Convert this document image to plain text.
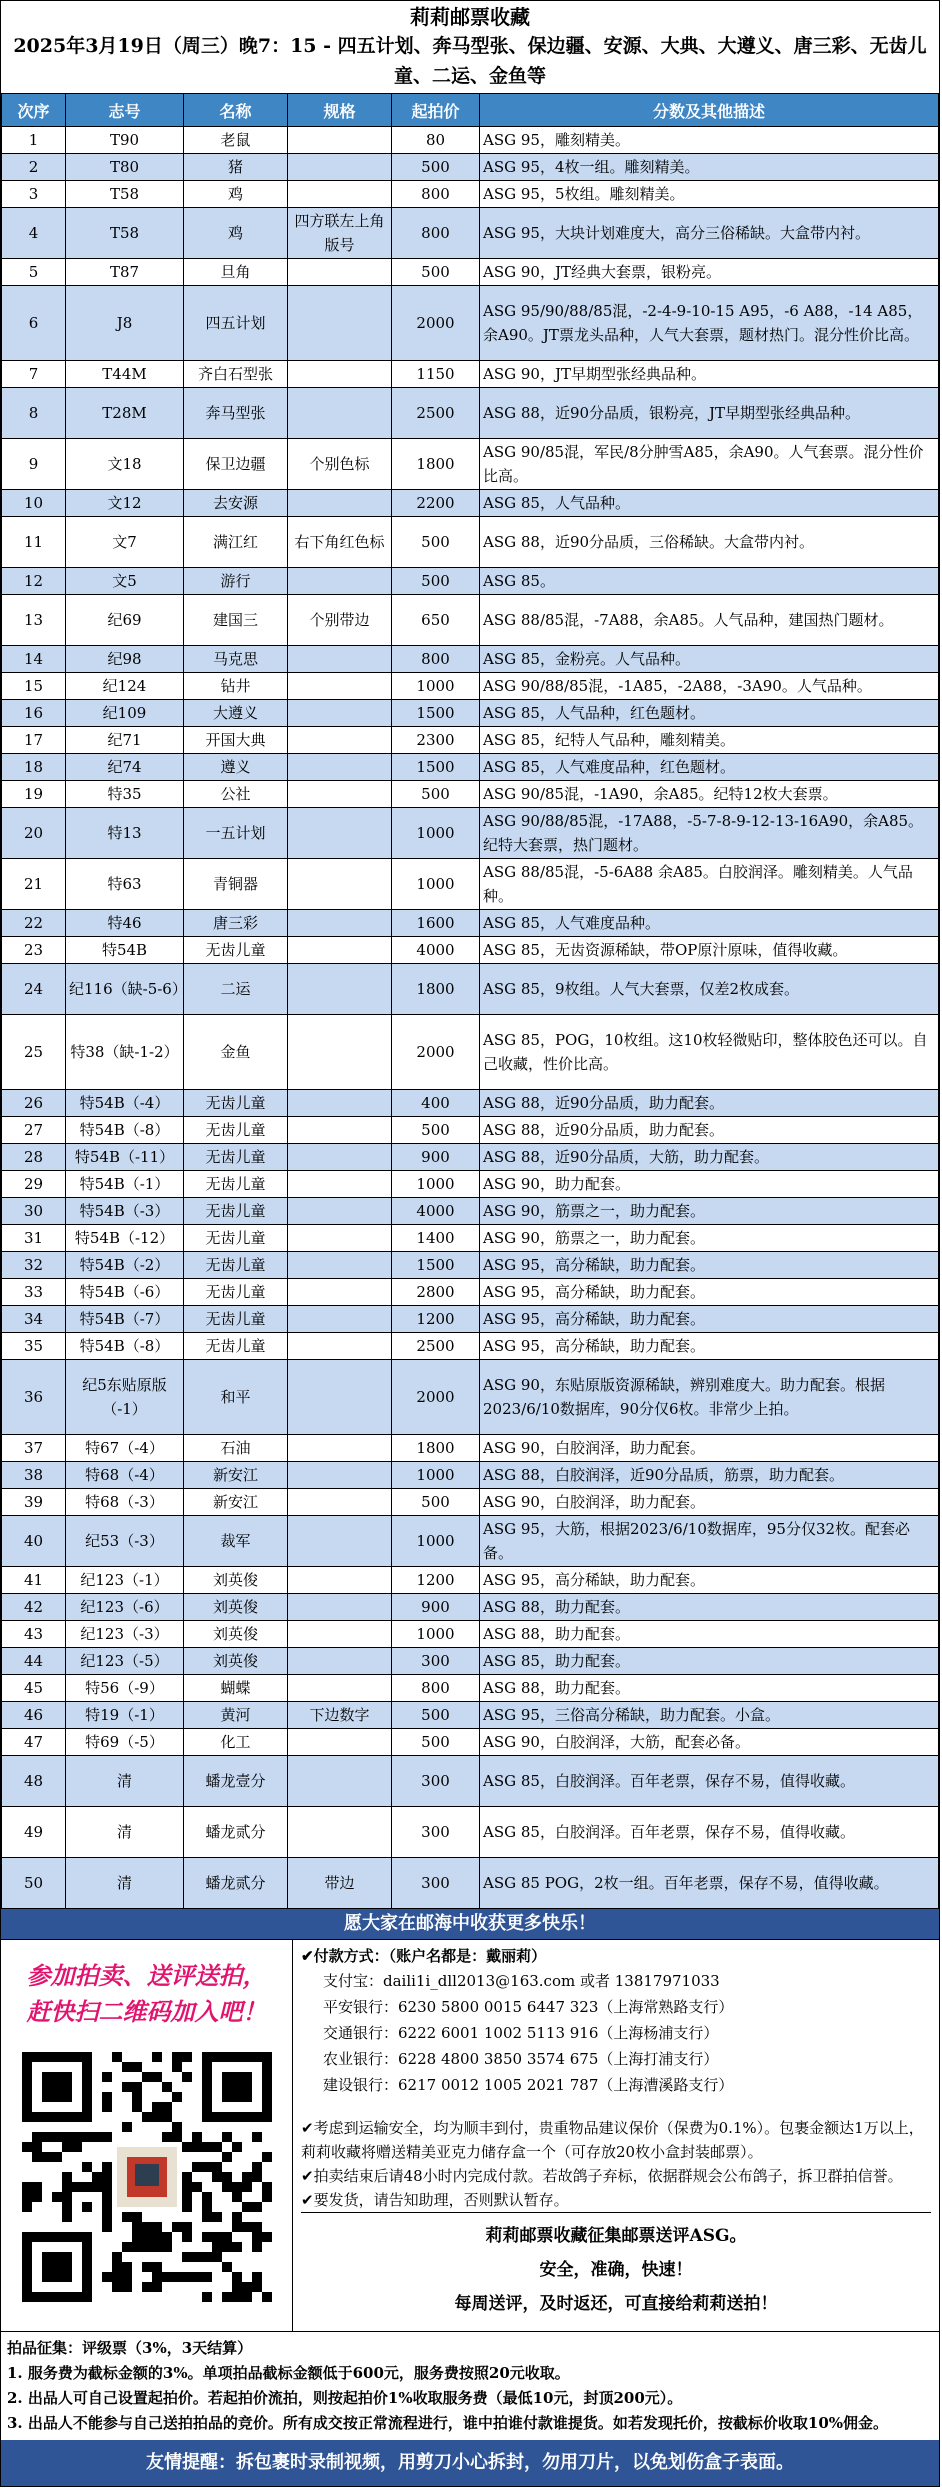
莉莉邮票收藏
2025年3月19日（周三）晚7：15 - 四五计划、奔马型张、保边疆、安源、大典、大遵义、唐三彩、无齿儿童、二运、金鱼等
次序	志号	名称	规格	起拍价	分数及其他描述
1	T90	老鼠		80	ASG 95，雕刻精美。
2	T80	猪		500	ASG 95，4枚一组。雕刻精美。
3	T58	鸡		800	ASG 95，5枚组。雕刻精美。
4	T58	鸡	四方联左上角版号	800	ASG 95，大块计划难度大，高分三俗稀缺。大盒带内衬。
5	T87	旦角		500	ASG 90，JT经典大套票，银粉亮。
6	J8	四五计划		2000	ASG 95/90/88/85混，-2-4-9-10-15 A95，-6 A88，-14 A85，余A90。JT票龙头品种，人气大套票，题材热门。混分性价比高。
7	T44M	齐白石型张		1150	ASG 90，JT早期型张经典品种。
8	T28M	奔马型张		2500	ASG 88，近90分品质，银粉亮，JT早期型张经典品种。
9	文18	保卫边疆	个别色标	1800	ASG 90/85混，军民/8分肿雪A85，余A90。人气套票。混分性价比高。
10	文12	去安源		2200	ASG 85，人气品种。
11	文7	满江红	右下角红色标	500	ASG 88，近90分品质，三俗稀缺。大盒带内衬。
12	文5	游行		500	ASG 85。
13	纪69	建国三	个别带边	650	ASG 88/85混，-7A88，余A85。人气品种，建国热门题材。
14	纪98	马克思		800	ASG 85，金粉亮。人气品种。
15	纪124	钻井		1000	ASG 90/88/85混，-1A85，-2A88，-3A90。人气品种。
16	纪109	大遵义		1500	ASG 85，人气品种，红色题材。
17	纪71	开国大典		2300	ASG 85，纪特人气品种，雕刻精美。
18	纪74	遵义		1500	ASG 85，人气难度品种，红色题材。
19	特35	公社		500	ASG 90/85混，-1A90，余A85。纪特12枚大套票。
20	特13	一五计划		1000	ASG 90/88/85混，-17A88，-5-7-8-9-12-13-16A90，余A85。纪特大套票，热门题材。
21	特63	青铜器		1000	ASG 88/85混，-5-6A88 余A85。白胶润泽。雕刻精美。人气品种。
22	特46	唐三彩		1600	ASG 85，人气难度品种。
23	特54B	无齿儿童		4000	ASG 85，无齿资源稀缺，带OP原汁原味，值得收藏。
24	纪116（缺-5-6）	二运		1800	ASG 85，9枚组。人气大套票，仅差2枚成套。
25	特38（缺-1-2）	金鱼		2000	ASG 85，POG，10枚组。这10枚轻微贴印，整体胶色还可以。自己收藏，性价比高。
26	特54B（-4）	无齿儿童		400	ASG 88，近90分品质，助力配套。
27	特54B（-8）	无齿儿童		500	ASG 88，近90分品质，助力配套。
28	特54B（-11）	无齿儿童		900	ASG 88，近90分品质，大筋，助力配套。
29	特54B（-1）	无齿儿童		1000	ASG 90，助力配套。
30	特54B（-3）	无齿儿童		4000	ASG 90，筋票之一，助力配套。
31	特54B（-12）	无齿儿童		1400	ASG 90，筋票之一，助力配套。
32	特54B（-2）	无齿儿童		1500	ASG 95，高分稀缺，助力配套。
33	特54B（-6）	无齿儿童		2800	ASG 95，高分稀缺，助力配套。
34	特54B（-7）	无齿儿童		1200	ASG 95，高分稀缺，助力配套。
35	特54B（-8）	无齿儿童		2500	ASG 95，高分稀缺，助力配套。
36	纪5东贴原版（-1）	和平		2000	ASG 90，东贴原版资源稀缺，辨别难度大。助力配套。根据2023/6/10数据库，90分仅6枚。非常少上拍。
37	特67（-4）	石油		1800	ASG 90，白胶润泽，助力配套。
38	特68（-4）	新安江		1000	ASG 88，白胶润泽，近90分品质，筋票，助力配套。
39	特68（-3）	新安江		500	ASG 90，白胶润泽，助力配套。
40	纪53（-3）	裁军		1000	ASG 95，大筋，根据2023/6/10数据库，95分仅32枚。配套必备。
41	纪123（-1）	刘英俊		1200	ASG 95，高分稀缺，助力配套。
42	纪123（-6）	刘英俊		900	ASG 88，助力配套。
43	纪123（-3）	刘英俊		1000	ASG 88，助力配套。
44	纪123（-5）	刘英俊		300	ASG 85，助力配套。
45	特56（-9）	蝴蝶		800	ASG 88，助力配套。
46	特19（-1）	黄河	下边数字	500	ASG 95，三俗高分稀缺，助力配套。小盒。
47	特69（-5）	化工		500	ASG 90，白胶润泽，大筋，配套必备。
48	清	蟠龙壹分		300	ASG 85，白胶润泽。百年老票，保存不易，值得收藏。
49	清	蟠龙贰分		300	ASG 85，白胶润泽。百年老票，保存不易，值得收藏。
50	清	蟠龙贰分	带边	300	ASG 85 POG，2枚一组。百年老票，保存不易，值得收藏。
愿大家在邮海中收获更多快乐！
参加拍卖、送评送拍，
赶快扫二维码加入吧！
✔付款方式：（账户名都是：戴丽莉）
支付宝：daili1i_dll2013@163.com 或者 13817971033
平安银行：6230 5800 0015 6447 323（上海常熟路支行）
交通银行：6222 6001 1002 5113 916（上海杨浦支行）
农业银行：6228 4800 3850 3574 675（上海打浦支行）
建设银行：6217 0012 1005 2021 787（上海漕溪路支行）
✔考虑到运输安全，均为顺丰到付，贵重物品建议保价（保费为0.1%）。包裹金额达1万以上，莉莉收藏将赠送精美亚克力储存盒一个（可存放20枚小盒封装邮票）。
✔拍卖结束后请48小时内完成付款。若故鸽子弃标，依据群规会公布鸽子，拆卫群拍信誉。
✔要发货，请告知助理，否则默认暂存。
莉莉邮票收藏征集邮票送评ASG。
安全，准确，快速！
每周送评，及时返还，可直接给莉莉送拍！
拍品征集：评级票（3%，3天结算）
1. 服务费为截标金额的3%。单项拍品截标金额低于600元，服务费按照20元收取。
2. 出品人可自己设置起拍价。若起拍价流拍，则按起拍价1%收取服务费（最低10元，封顶200元）。
3. 出品人不能参与自己送拍拍品的竞价。所有成交按正常流程进行，谁中拍谁付款谁提货。如若发现托价，按截标价收取10%佣金。
友情提醒：拆包裹时录制视频，用剪刀小心拆封，勿用刀片，以免划伤盒子表面。
